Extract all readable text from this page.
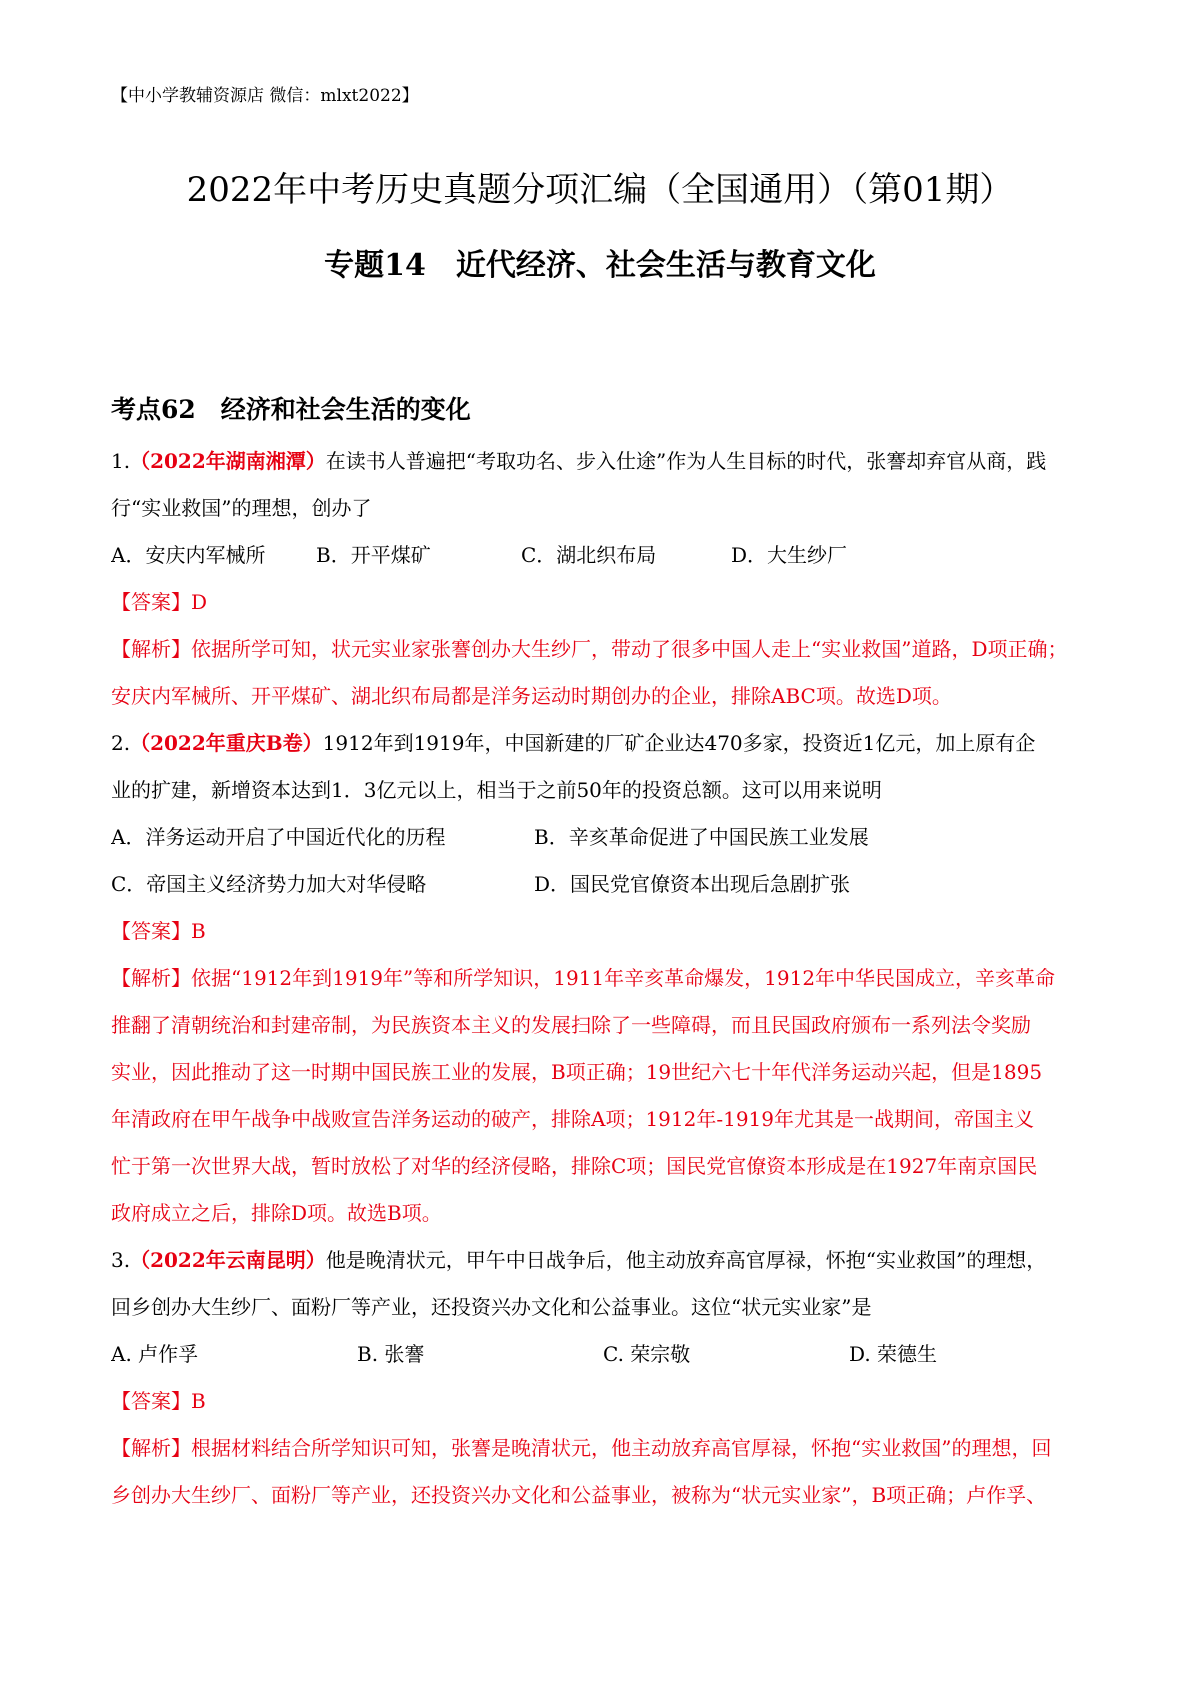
【中小学教辅资源店 微信：mlxt2022】
2022年中考历史真题分项汇编（全国通用）（第01期）
专题14　近代经济、社会生活与教育文化
考点62　经济和社会生活的变化
1.（2022年湖南湘潭）在读书人普遍把“考取功名、步入仕途”作为人生目标的时代，张謇却弃官从商，践
行“实业救国”的理想，创办了
A．安庆内军械所	B．开平煤矿	C．湖北织布局	D．大生纱厂
【答案】D
【解析】依据所学可知，状元实业家张謇创办大生纱厂，带动了很多中国人走上“实业救国”道路，D项正确；
安庆内军械所、开平煤矿、湖北织布局都是洋务运动时期创办的企业，排除ABC项。故选D项。
2.（2022年重庆B卷）1912年到1919年，中国新建的厂矿企业达470多家，投资近1亿元，加上原有企
业的扩建，新增资本达到1．3亿元以上，相当于之前50年的投资总额。这可以用来说明
A．洋务运动开启了中国近代化的历程	B．辛亥革命促进了中国民族工业发展
C．帝国主义经济势力加大对华侵略	D．国民党官僚资本出现后急剧扩张
【答案】B
【解析】依据“1912年到1919年”等和所学知识，1911年辛亥革命爆发，1912年中华民国成立，辛亥革命
推翻了清朝统治和封建帝制，为民族资本主义的发展扫除了一些障碍，而且民国政府颁布一系列法令奖励
实业，因此推动了这一时期中国民族工业的发展，B项正确；19世纪六七十年代洋务运动兴起，但是1895
年清政府在甲午战争中战败宣告洋务运动的破产，排除A项；1912年-1919年尤其是一战期间，帝国主义
忙于第一次世界大战，暂时放松了对华的经济侵略，排除C项；国民党官僚资本形成是在1927年南京国民
政府成立之后，排除D项。故选B项。
3.（2022年云南昆明）他是晚清状元，甲午中日战争后，他主动放弃高官厚禄，怀抱“实业救国”的理想，
回乡创办大生纱厂、面粉厂等产业，还投资兴办文化和公益事业。这位“状元实业家”是
A. 卢作孚	B. 张謇	C. 荣宗敬	D. 荣德生
【答案】B
【解析】根据材料结合所学知识可知，张謇是晚清状元，他主动放弃高官厚禄，怀抱“实业救国”的理想，回
乡创办大生纱厂、面粉厂等产业，还投资兴办文化和公益事业，被称为“状元实业家”，B项正确；卢作孚、
